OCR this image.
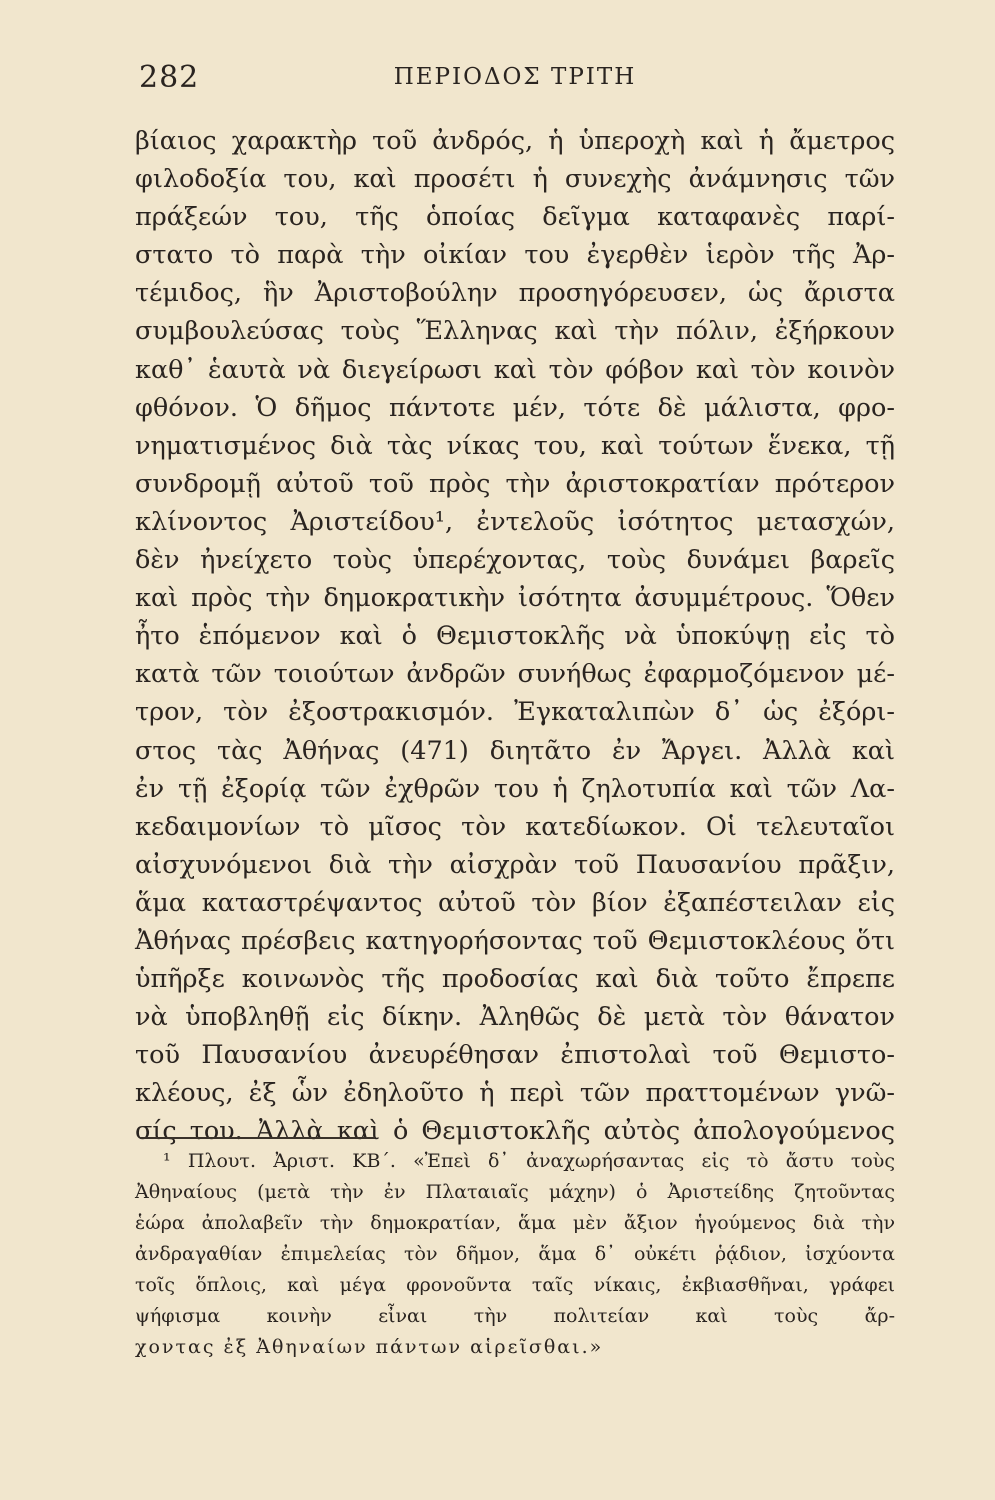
282	ΠΕΡΙΟΔΟΣ ΤΡΙΤΗ
βίαιος χαρακτὴρ τοῦ ἀνδρός, ἡ ὑπεροχὴ καὶ ἡ ἄμετρος
φιλοδοξία του, καὶ προσέτι ἡ συνεχὴς ἀνάμνησις τῶν
πράξεών του, τῆς ὁποίας δεῖγμα καταφανὲς παρί-
στατο τὸ παρὰ τὴν οἰκίαν του ἐγερθὲν ἱερὸν τῆς Ἀρ-
τέμιδος, ἣν Ἀριστοβούλην προσηγόρευσεν, ὡς ἄριστα
συμβουλεύσας τοὺς Ἕλληνας καὶ τὴν πόλιν, ἐξήρκουν
καθ᾽ ἑαυτὰ νὰ διεγείρωσι καὶ τὸν φόβον καὶ τὸν κοινὸν
φθόνον. Ὁ δῆμος πάντοτε μέν, τότε δὲ μάλιστα, φρο-
νηματισμένος διὰ τὰς νίκας του, καὶ τούτων ἕνεκα, τῇ
συνδρομῇ αὐτοῦ τοῦ πρὸς τὴν ἀριστοκρατίαν πρότερον
κλίνοντος Ἀριστείδου¹, ἐντελοῦς ἰσότητος μετασχών,
δὲν ἠνείχετο τοὺς ὑπερέχοντας, τοὺς δυνάμει βαρεῖς
καὶ πρὸς τὴν δημοκρατικὴν ἰσότητα ἀσυμμέτρους. Ὅθεν
ἦτο ἑπόμενον καὶ ὁ Θεμιστοκλῆς νὰ ὑποκύψῃ εἰς τὸ
κατὰ τῶν τοιούτων ἀνδρῶν συνήθως ἐφαρμοζόμενον μέ-
τρον, τὸν ἐξοστρακισμόν. Ἐγκαταλιπὼν δ᾽ ὡς ἐξόρι-
στος τὰς Ἀθήνας (471) διητᾶτο ἐν Ἄργει. Ἀλλὰ καὶ
ἐν τῇ ἐξορίᾳ τῶν ἐχθρῶν του ἡ ζηλοτυπία καὶ τῶν Λα-
κεδαιμονίων τὸ μῖσος τὸν κατεδίωκον. Οἱ τελευταῖοι
αἰσχυνόμενοι διὰ τὴν αἰσχρὰν τοῦ Παυσανίου πρᾶξιν,
ἅμα καταστρέψαντος αὐτοῦ τὸν βίον ἐξαπέστειλαν εἰς
Ἀθήνας πρέσβεις κατηγορήσοντας τοῦ Θεμιστοκλέους ὅτι
ὑπῆρξε κοινωνὸς τῆς προδοσίας καὶ διὰ τοῦτο ἔπρεπε
νὰ ὑποβληθῇ εἰς δίκην. Ἀληθῶς δὲ μετὰ τὸν θάνατον
τοῦ Παυσανίου ἀνευρέθησαν ἐπιστολαὶ τοῦ Θεμιστο-
κλέους, ἐξ ὧν ἐδηλοῦτο ἡ περὶ τῶν πραττομένων γνῶ-
σίς του. Ἀλλὰ καὶ ὁ Θεμιστοκλῆς αὐτὸς ἀπολογούμενος
¹ Πλουτ. Ἀριστ. ΚΒ΄. «Ἐπεὶ δ᾽ ἀναχωρήσαντας εἰς τὸ ἄστυ τοὺς
Ἀθηναίους (μετὰ τὴν ἐν Πλαταιαῖς μάχην) ὁ Ἀριστείδης ζητοῦντας
ἑώρα ἀπολαβεῖν τὴν δημοκρατίαν, ἅμα μὲν ἄξιον ἡγούμενος διὰ τὴν
ἀνδραγαθίαν ἐπιμελείας τὸν δῆμον, ἅμα δ᾽ οὐκέτι ῥᾴδιον, ἰσχύοντα
τοῖς ὅπλοις, καὶ μέγα φρονοῦντα ταῖς νίκαις, ἐκβιασθῆναι, γράφει
ψήφισμα κοινὴν εἶναι τὴν πολιτείαν καὶ τοὺς ἄρ-
χοντας ἐξ Ἀθηναίων πάντων αἱρεῖσθαι.»
